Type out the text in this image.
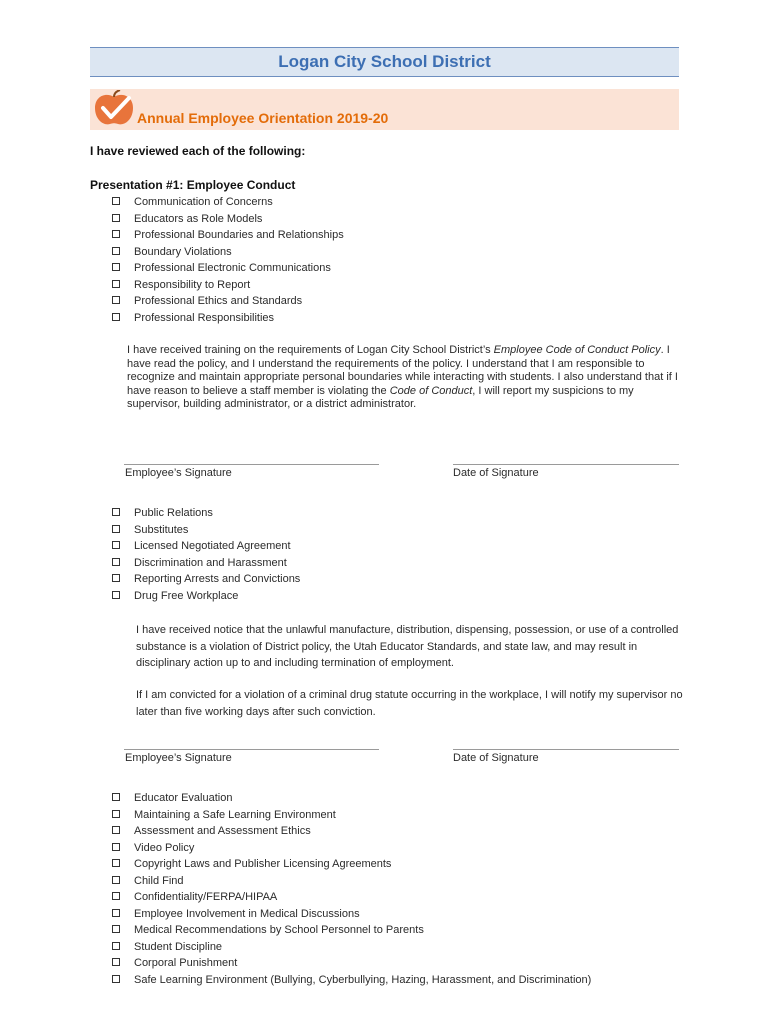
Logan City School District
Annual Employee Orientation 2019-20
I have reviewed each of the following:
Presentation #1: Employee Conduct
Communication of Concerns
Educators as Role Models
Professional Boundaries and Relationships
Boundary Violations
Professional Electronic Communications
Responsibility to Report
Professional Ethics and Standards
Professional Responsibilities
I have received training on the requirements of Logan City School District’s Employee Code of Conduct Policy. I have read the policy, and I understand the requirements of the policy. I understand that I am responsible to recognize and maintain appropriate personal boundaries while interacting with students. I also understand that if I have reason to believe a staff member is violating the Code of Conduct, I will report my suspicions to my supervisor, building administrator, or a district administrator.
Employee’s Signature	Date of Signature
Public Relations
Substitutes
Licensed Negotiated Agreement
Discrimination and Harassment
Reporting Arrests and Convictions
Drug Free Workplace
I have received notice that the unlawful manufacture, distribution, dispensing, possession, or use of a controlled substance is a violation of District policy, the Utah Educator Standards, and state law, and may result in disciplinary action up to and including termination of employment.
If I am convicted for a violation of a criminal drug statute occurring in the workplace, I will notify my supervisor no later than five working days after such conviction.
Employee’s Signature	Date of Signature
Educator Evaluation
Maintaining a Safe Learning Environment
Assessment and Assessment Ethics
Video Policy
Copyright Laws and Publisher Licensing Agreements
Child Find
Confidentiality/FERPA/HIPAA
Employee Involvement in Medical Discussions
Medical Recommendations by School Personnel to Parents
Student Discipline
Corporal Punishment
Safe Learning Environment (Bullying, Cyberbullying, Hazing, Harassment, and Discrimination)
